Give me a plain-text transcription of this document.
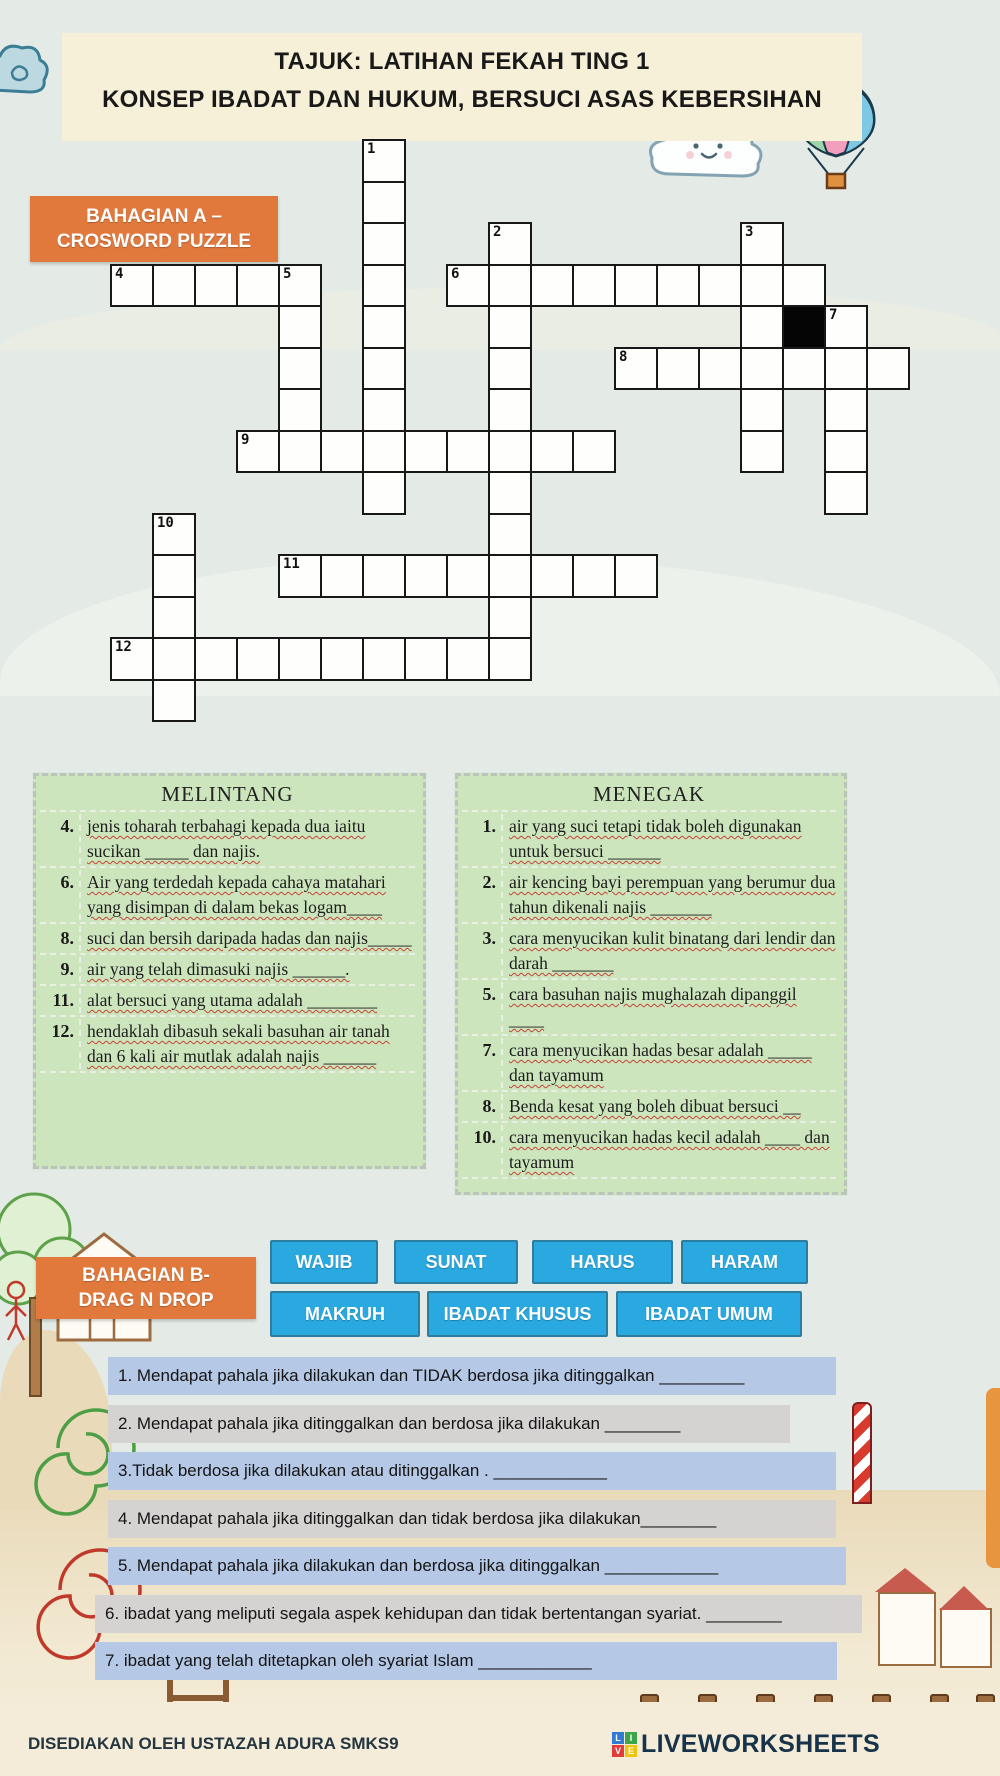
TAJUK: LATIHAN FEKAH TING 1
KONSEP IBADAT DAN HUKUM, BERSUCI ASAS KEBERSIHAN
BAHAGIAN A –
CROSWORD PUZZLE
4	5	6
8
9
11
12
1
2	3
7
10
MELINTANG
4. jenis toharah terbahagi kepada dua iaitu sucikan _____ dan najis.
6. Air yang terdedah kepada cahaya matahari yang disimpan di dalam bekas logam____
8. suci dan bersih daripada hadas dan najis_____
9. air yang telah dimasuki najis ______.
11. alat bersuci yang utama adalah ________
12. hendaklah dibasuh sekali basuhan air tanah dan 6 kali air mutlak adalah najis ______
MENEGAK
1. air yang suci tetapi tidak boleh digunakan untuk bersuci ______
2. air kencing bayi perempuan yang berumur dua tahun dikenali najis _______
3. cara menyucikan kulit binatang dari lendir dan darah _______
5. cara basuhan najis mughalazah dipanggil ____
7. cara menyucikan hadas besar adalah _____ dan tayamum
8. Benda kesat yang boleh dibuat bersuci __
10. cara menyucikan hadas kecil adalah ____ dan tayamum
BAHAGIAN B-
DRAG N DROP
WAJIB	SUNAT	HARUS	HARAM
MAKRUH	IBADAT KHUSUS	IBADAT UMUM
1. Mendapat pahala jika dilakukan dan TIDAK berdosa jika ditinggalkan _________
2. Mendapat pahala jika ditinggalkan dan berdosa jika dilakukan ________
3.Tidak berdosa jika dilakukan atau ditinggalkan . ____________
4. Mendapat pahala jika ditinggalkan dan tidak berdosa jika dilakukan________
5. Mendapat pahala jika dilakukan dan berdosa jika ditinggalkan ____________
6. ibadat yang meliputi segala aspek kehidupan dan tidak bertentangan syariat. ________
7. ibadat yang telah ditetapkan oleh syariat Islam ____________
DISEDIAKAN OLEH USTAZAH ADURA SMKS9	L I
V E LIVEWORKSHEETS
